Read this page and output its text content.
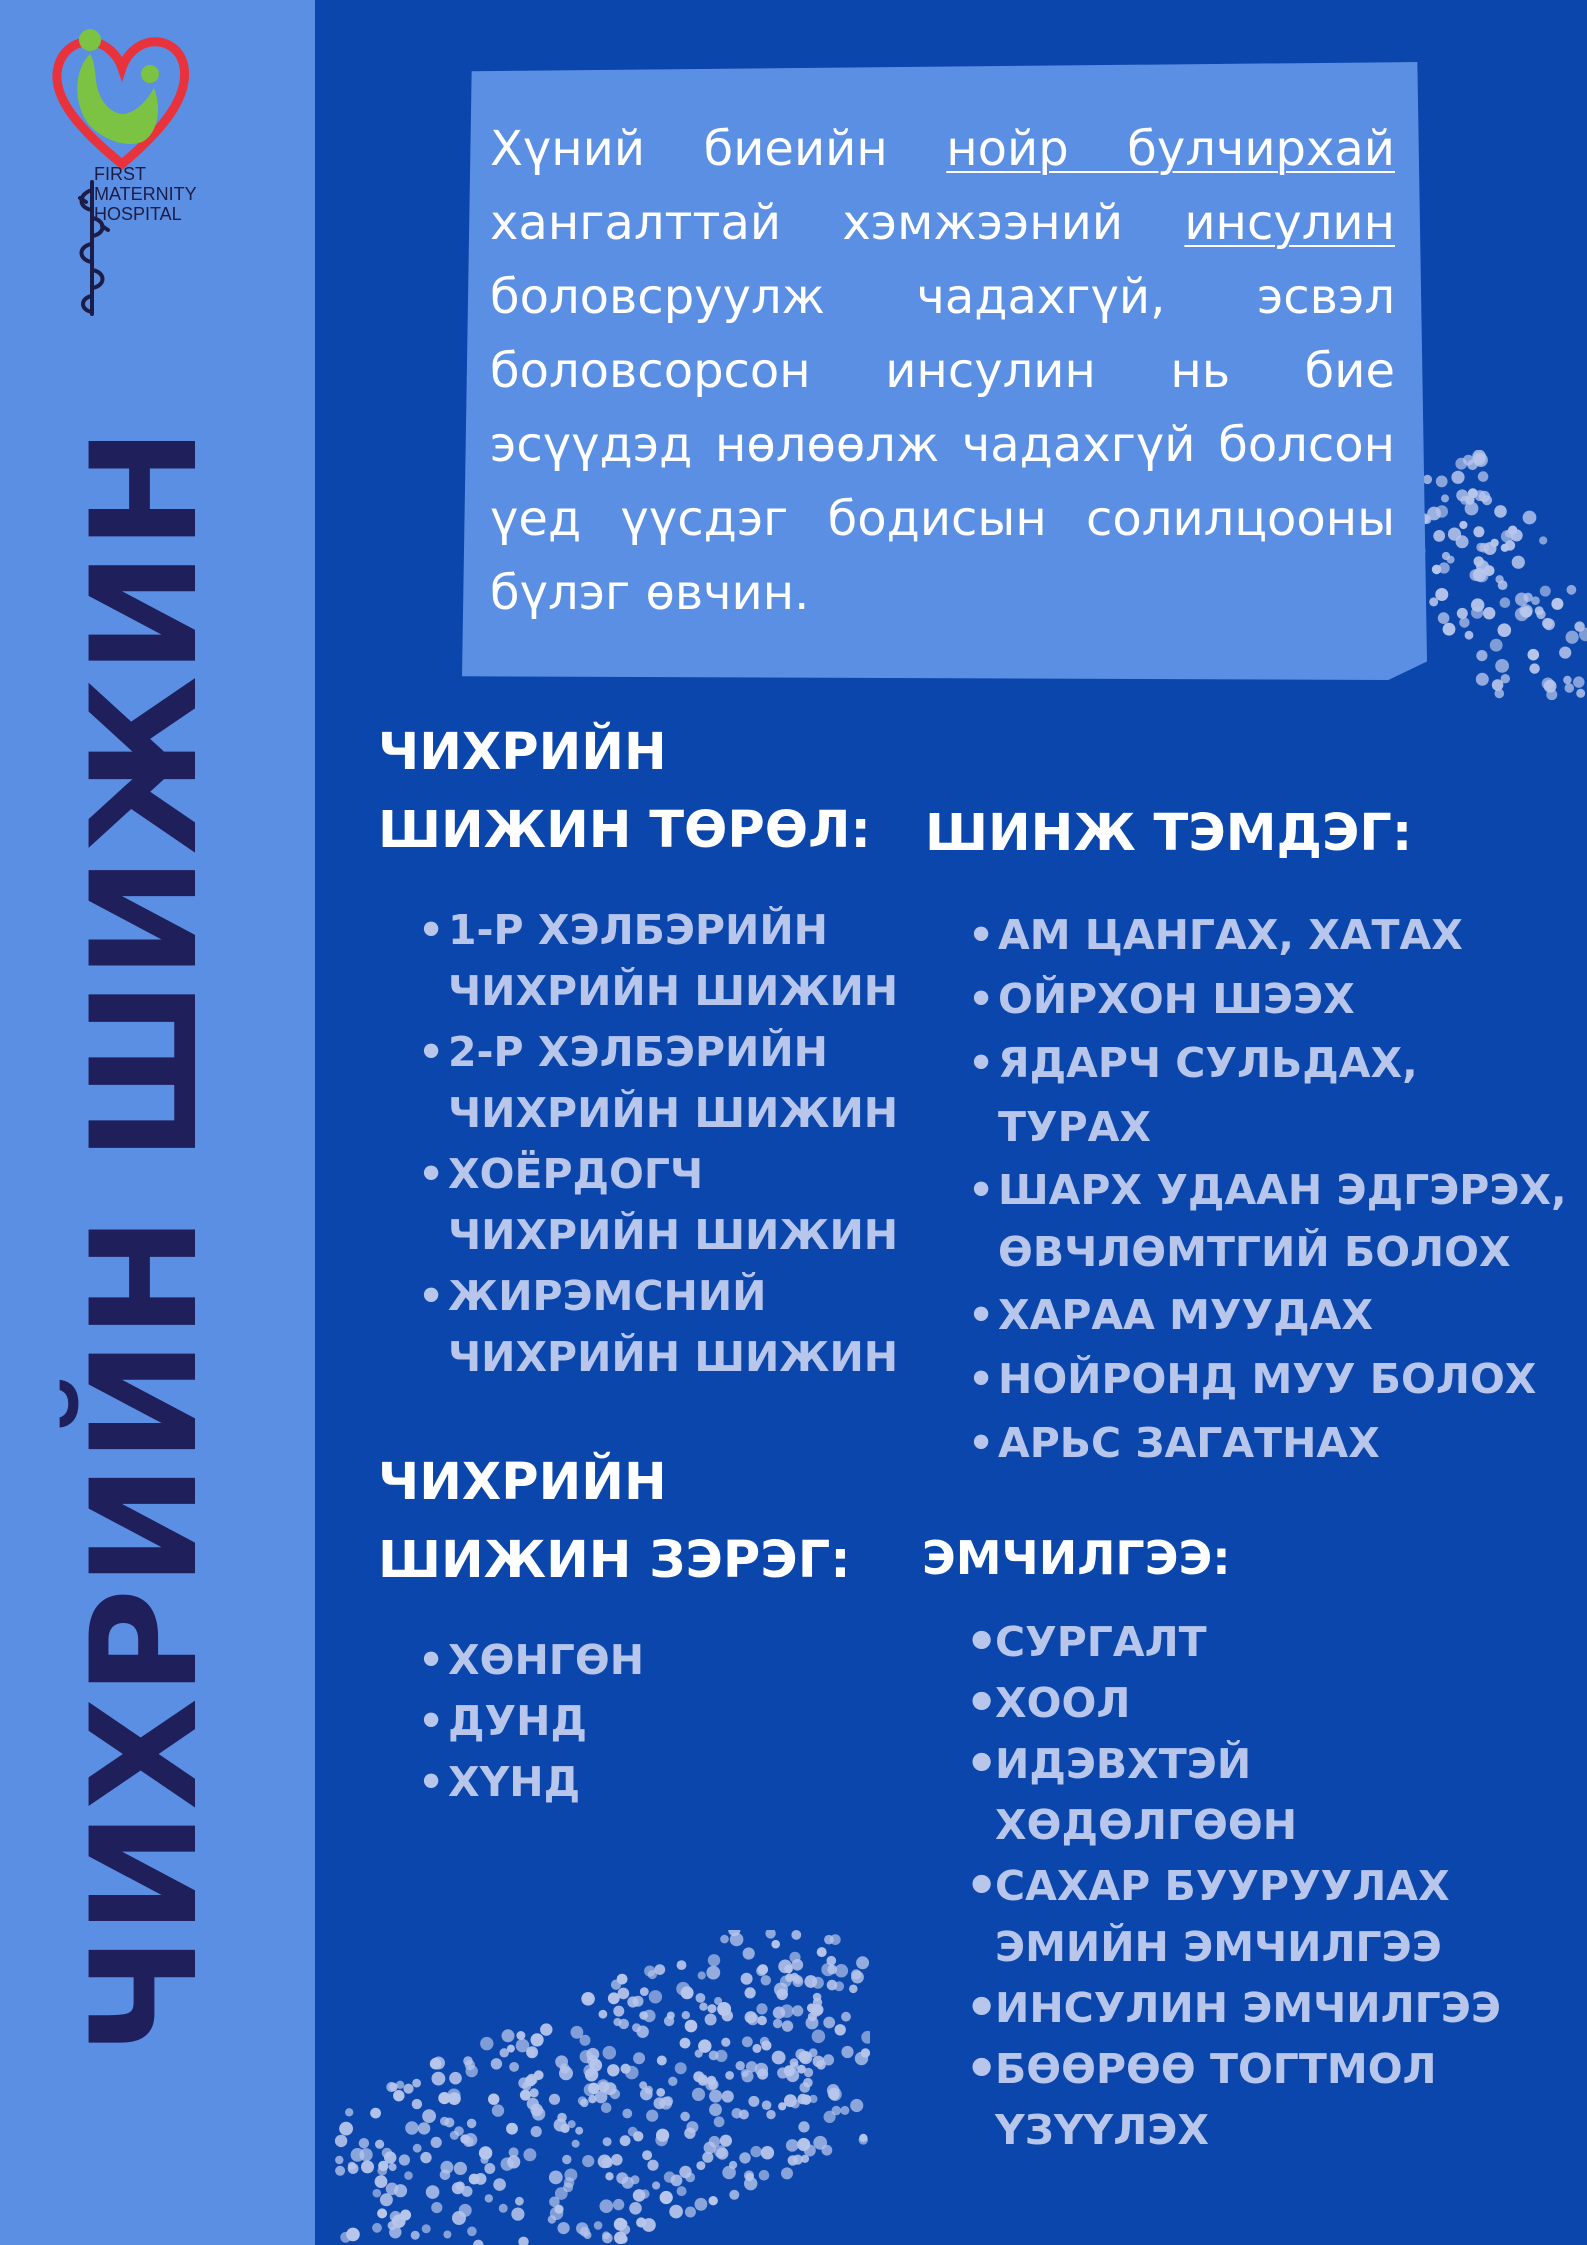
FIRST
MATERNITY
HOSPITAL
ЧИХРИЙН ШИЖИН
Хүний биеийн нойр булчирхай хангалттай хэмжээний инсулин боловсруулж чадахгүй, эсвэл боловсорсон инсулин нь бие эсүүдэд нөлөөлж чадахгүй болсон үед үүсдэг бодисын солилцооны бүлэг өвчин.
ЧИХРИЙН
ШИЖИН ТӨРӨЛ:
• 1-Р ХЭЛБЭРИЙН
ЧИХРИЙН ШИЖИН
• 2-Р ХЭЛБЭРИЙН
ЧИХРИЙН ШИЖИН
• ХОЁРДОГЧ
ЧИХРИЙН ШИЖИН
• ЖИРЭМСНИЙ
ЧИХРИЙН ШИЖИН
ШИНЖ ТЭМДЭГ:
• АМ ЦАНГАХ, ХАТАХ
• ОЙРХОН ШЭЭХ
• ЯДАРЧ СУЛЬДАХ, ТУРАХ
• ШАРХ УДААН ЭДГЭРЭХ,
ӨВЧЛӨМТГИЙ БОЛОХ
• ХАРАА МУУДАХ
• НОЙРОНД МУУ БОЛОХ
• АРЬС ЗАГАТНАХ
ЧИХРИЙН
ШИЖИН ЗЭРЭГ:
• ХӨНГӨН
• ДУНД
• ХҮНД
ЭМЧИЛГЭЭ:
•
СУРГАЛТ
•
ХООЛ
•
ИДЭВХТЭЙ
ХӨДӨЛГӨӨН
•
САХАР БУУРУУЛАХ
ЭМИЙН ЭМЧИЛГЭЭ
•
ИНСУЛИН ЭМЧИЛГЭЭ
•
БӨӨРӨӨ ТОГТМОЛ
ҮЗҮҮЛЭХ
